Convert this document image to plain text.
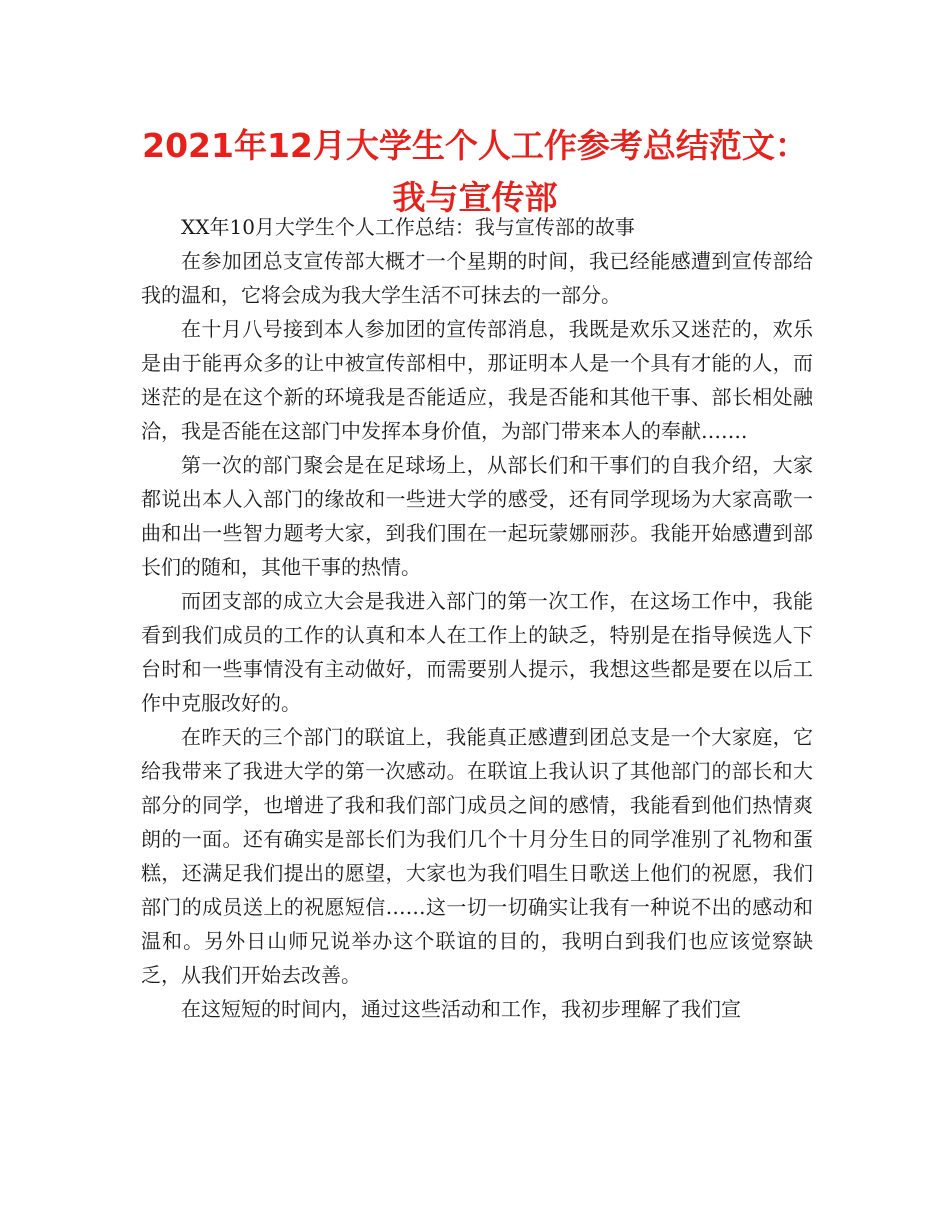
2021年12月大学生个人工作参考总结范文：我与宣传部

XX年10月大学生个人工作总结：我与宣传部的故事

在参加团总支宣传部大概才一个星期的时间，我已经能感遭到宣传部给我的温和，它将会成为我大学生活不可抹去的一部分。

在十月八号接到本人参加团的宣传部消息，我既是欢乐又迷茫的，欢乐是由于能再众多的让中被宣传部相中，那证明本人是一个具有才能的人，而迷茫的是在这个新的环境我是否能适应，我是否能和其他干事、部长相处融洽，我是否能在这部门中发挥本身价值，为部门带来本人的奉献…….

第一次的部门聚会是在足球场上，从部长们和干事们的自我介绍，大家都说出本人入部门的缘故和一些进大学的感受，还有同学现场为大家高歌一曲和出一些智力题考大家，到我们围在一起玩蒙娜丽莎。我能开始感遭到部长们的随和，其他干事的热情。

而团支部的成立大会是我进入部门的第一次工作，在这场工作中，我能看到我们成员的工作的认真和本人在工作上的缺乏，特别是在指导候选人下台时和一些事情没有主动做好，而需要别人提示，我想这些都是要在以后工作中克服改好的。

在昨天的三个部门的联谊上，我能真正感遭到团总支是一个大家庭，它给我带来了我进大学的第一次感动。在联谊上我认识了其他部门的部长和大部分的同学，也增进了我和我们部门成员之间的感情，我能看到他们热情爽朗的一面。还有确实是部长们为我们几个十月分生日的同学准别了礼物和蛋糕，还满足我们提出的愿望，大家也为我们唱生日歌送上他们的祝愿，我们部门的成员送上的祝愿短信……这一切一切确实让我有一种说不出的感动和温和。另外日山师兄说举办这个联谊的目的，我明白到我们也应该觉察缺乏，从我们开始去改善。

在这短短的时间内，通过这些活动和工作，我初步理解了我们宣
